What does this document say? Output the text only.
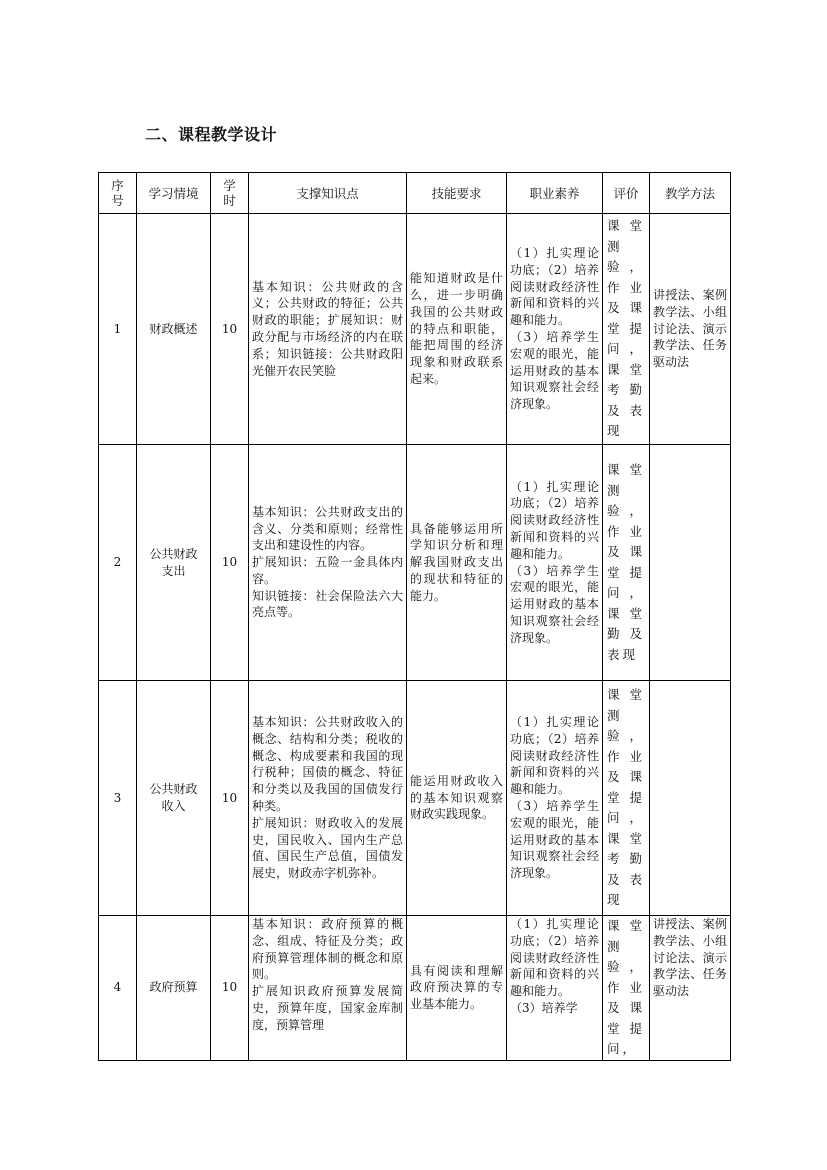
二、课程教学设计
序
号	学习情境	学
时	支撑知识点	技能要求	职业素养	评价	教学方法
1	财政概述	10	基本知识：公共财政的含义；公共财政的特征；公共财政的职能；扩展知识：财政分配与市场经济的内在联系；知识链接：公共财政阳光催开农民笑脸	能知道财政是什么，进一步明确我国的公共财政的特点和职能，能把周围的经济现象和财政联系起来。	（1）扎实理论功底；（2）培养阅读财政经济性新闻和资料的兴趣和能力。
（3）培养学生宏观的眼光，能运用财政的基本知识观察社会经济现象。	课堂测验，作业及课堂提问，课堂考勤及表现	讲授法、案例教学法、小组讨论法、演示教学法、任务驱动法
2	公共财政
支出	10	基本知识：公共财政支出的含义、分类和原则；经常性支出和建设性的内容。
扩展知识：五险一金具体内容。
知识链接：社会保险法六大亮点等。	具备能够运用所学知识分析和理解我国财政支出的现状和特征的能力。	（1）扎实理论功底；（2）培养阅读财政经济性新闻和资料的兴趣和能力。
（3）培养学生宏观的眼光，能运用财政的基本知识观察社会经济现象。	课堂测验，作业及课堂提问，课堂勤及表现	

3	公共财政
收入	10	基本知识：公共财政收入的概念、结构和分类；税收的概念、构成要素和我国的现行税种；国债的概念、特征和分类以及我国的国债发行种类。
扩展知识：财政收入的发展史，国民收入、国内生产总值、国民生产总值，国债发展史，财政赤字机弥补。	能运用财政收入的基本知识观察财政实践现象。	（1）扎实理论功底；（2）培养阅读财政经济性新闻和资料的兴趣和能力。
（3）培养学生宏观的眼光，能运用财政的基本知识观察社会经济现象。	课堂测验，作业及课堂提问，课堂考勤及表现	

4	政府预算	10	基本知识：政府预算的概念、组成、特征及分类；政府预算管理体制的概念和原则。
扩展知识政府预算发展简史，预算年度，国家金库制度，预算管理	具有阅读和理解政府预决算的专业基本能力。	（1）扎实理论功底；（2）培养阅读财政经济性新闻和资料的兴趣和能力。
（3）培养学	课堂测验，作业及课堂提问，	讲授法、案例教学法、小组讨论法、演示教学法、任务驱动法
